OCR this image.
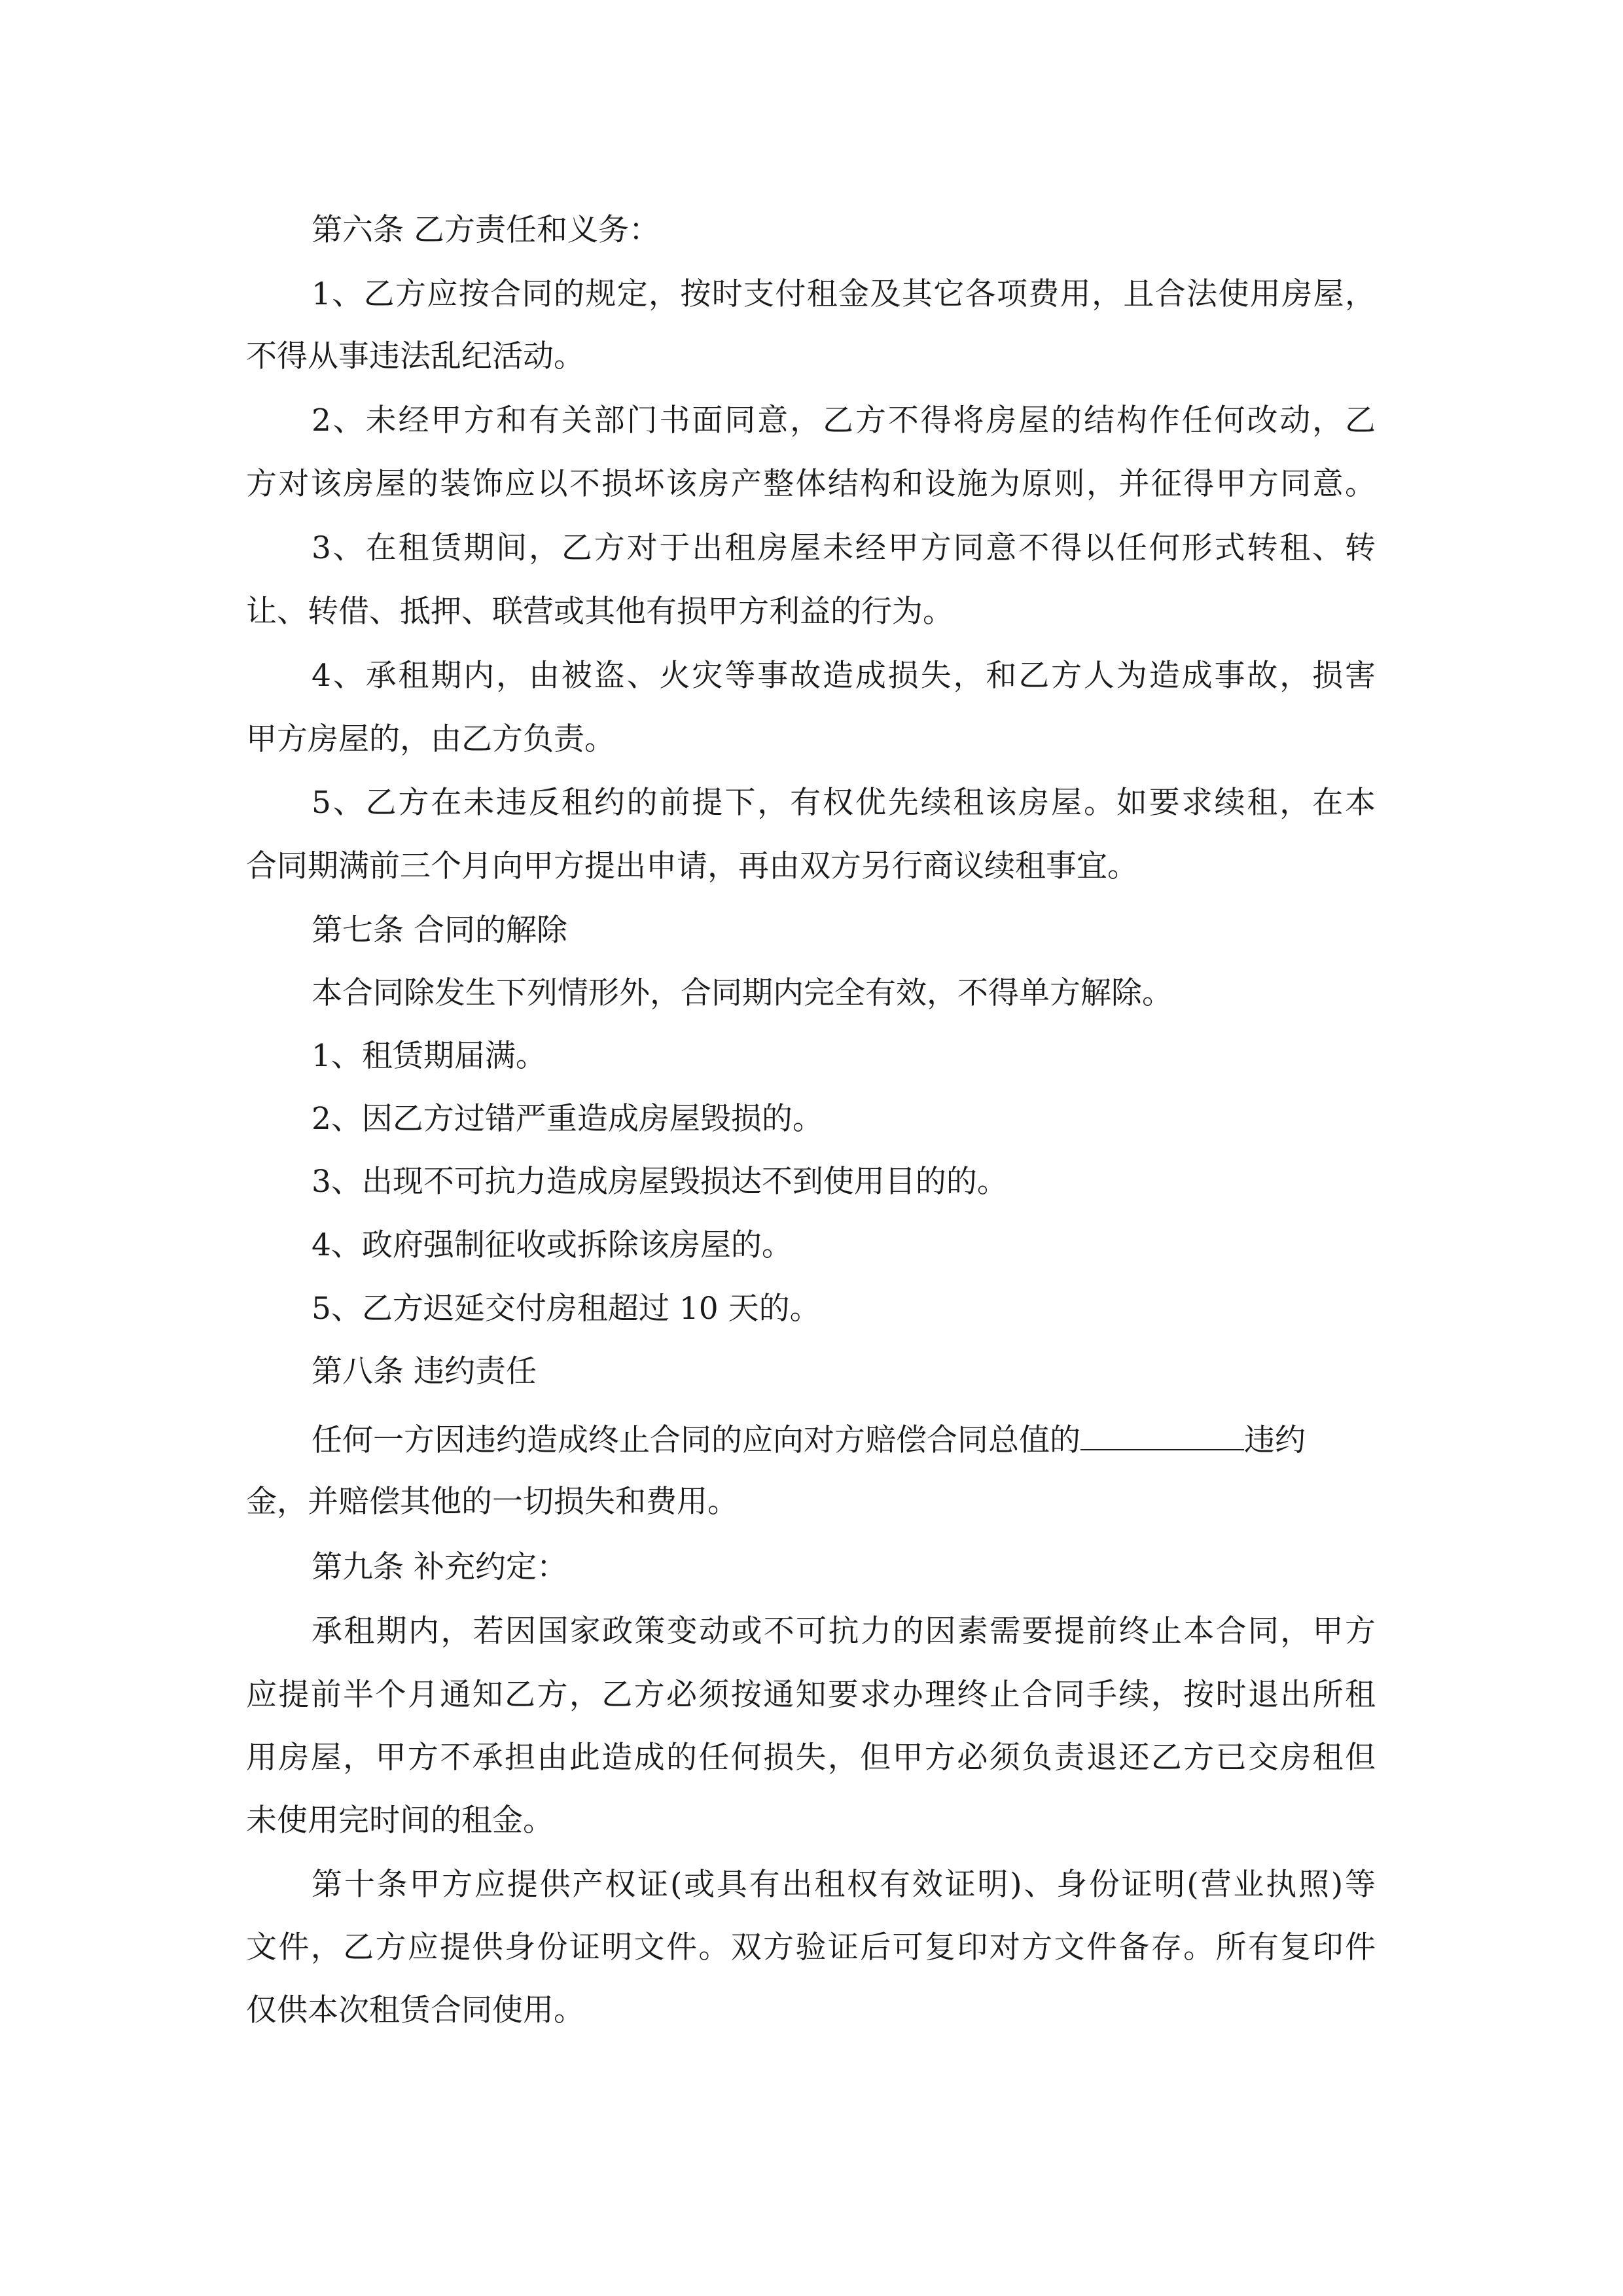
第六条 乙方责任和义务：
1、乙方应按合同的规定，按时支付租金及其它各项费用，且合法使用房屋，
不得从事违法乱纪活动。
2、未经甲方和有关部门书面同意，乙方不得将房屋的结构作任何改动，乙
方对该房屋的装饰应以不损坏该房产整体结构和设施为原则，并征得甲方同意。
3、在租赁期间，乙方对于出租房屋未经甲方同意不得以任何形式转租、转
让、转借、抵押、联营或其他有损甲方利益的行为。
4、承租期内，由被盗、火灾等事故造成损失，和乙方人为造成事故，损害
甲方房屋的，由乙方负责。
5、乙方在未违反租约的前提下，有权优先续租该房屋。如要求续租，在本
合同期满前三个月向甲方提出申请，再由双方另行商议续租事宜。
第七条 合同的解除
本合同除发生下列情形外，合同期内完全有效，不得单方解除。
1、租赁期届满。
2、因乙方过错严重造成房屋毁损的。
3、出现不可抗力造成房屋毁损达不到使用目的的。
4、政府强制征收或拆除该房屋的。
5、乙方迟延交付房租超过 10 天的。
第八条 违约责任
任何一方因违约造成终止合同的应向对方赔偿合同总值的	违约
金，并赔偿其他的一切损失和费用。
第九条 补充约定：
承租期内，若因国家政策变动或不可抗力的因素需要提前终止本合同，甲方
应提前半个月通知乙方，乙方必须按通知要求办理终止合同手续，按时退出所租
用房屋，甲方不承担由此造成的任何损失，但甲方必须负责退还乙方已交房租但
未使用完时间的租金。
第十条甲方应提供产权证(或具有出租权有效证明)、身份证明(营业执照)等
文件，乙方应提供身份证明文件。双方验证后可复印对方文件备存。所有复印件
仅供本次租赁合同使用。
